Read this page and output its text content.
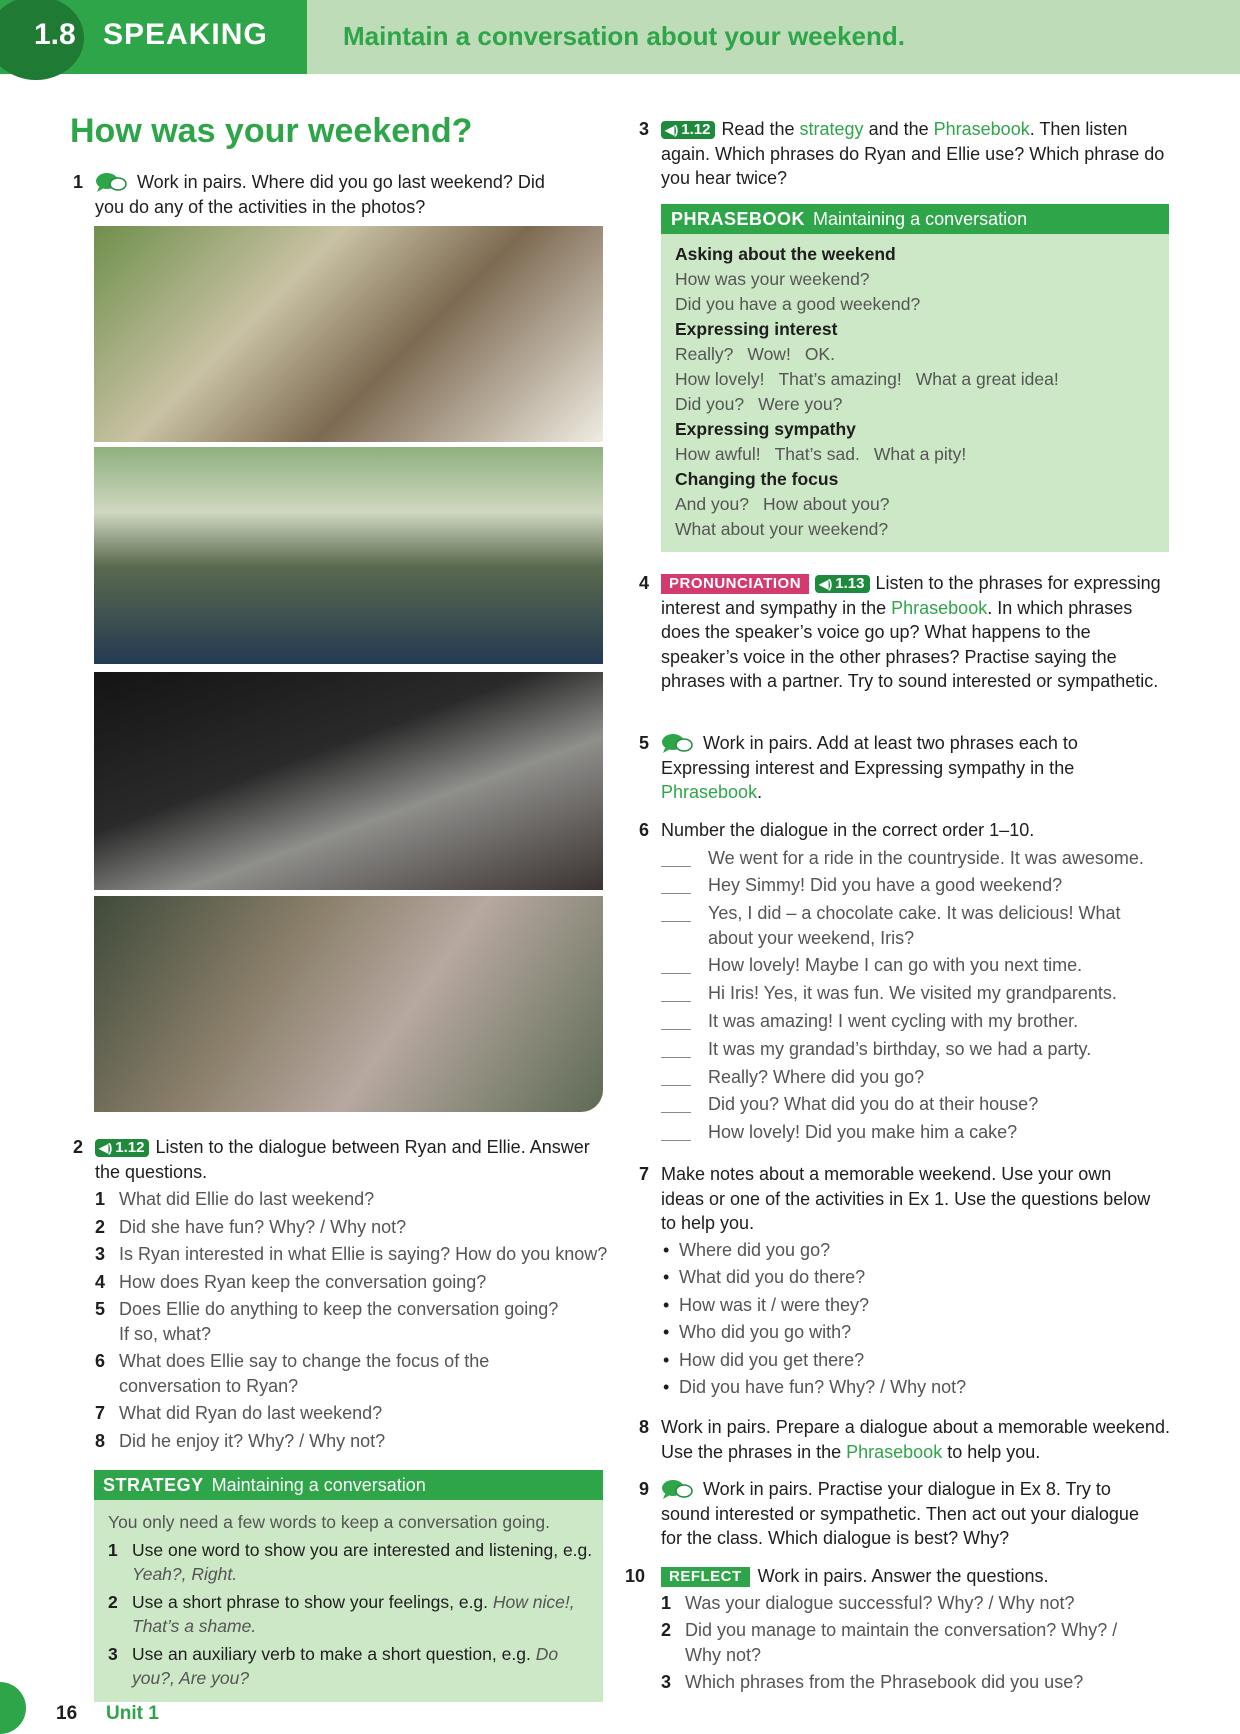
1.8 SPEAKING	Maintain a conversation about your weekend.
How was your weekend?
1	Work in pairs. Where did you go last weekend? Did you do any of the activities in the photos?
2 ◀) 1.12 Listen to the dialogue between Ryan and Ellie. Answer the questions.
1 What did Ellie do last weekend?
2 Did she have fun? Why? / Why not?
3 Is Ryan interested in what Ellie is saying? How do you know?
4 How does Ryan keep the conversation going?
5 Does Ellie do anything to keep the conversation going? If so, what?
6 What does Ellie say to change the focus of the conversation to Ryan?
7 What did Ryan do last weekend?
8 Did he enjoy it? Why? / Why not?
STRATEGY Maintaining a conversation
You only need a few words to keep a conversation going.
1 Use one word to show you are interested and listening, e.g. Yeah?, Right.
2 Use a short phrase to show your feelings, e.g. How nice!, That’s a shame.
3 Use an auxiliary verb to make a short question, e.g. Do you?, Are you?
3 ◀) 1.12 Read the strategy and the Phrasebook. Then listen again. Which phrases do Ryan and Ellie use? Which phrase do you hear twice?
PHRASEBOOK Maintaining a conversation
Asking about the weekend
How was your weekend?
Did you have a good weekend?
Expressing interest
Really? Wow! OK.
How lovely! That’s amazing! What a great idea!
Did you? Were you?
Expressing sympathy
How awful! That’s sad. What a pity!
Changing the focus
And you? How about you?
What about your weekend?
4 PRONUNCIATION ◀) 1.13 Listen to the phrases for expressing interest and sympathy in the Phrasebook. In which phrases does the speaker’s voice go up? What happens to the speaker’s voice in the other phrases? Practise saying the phrases with a partner. Try to sound interested or sympathetic.
5	Work in pairs. Add at least two phrases each to Expressing interest and Expressing sympathy in the Phrasebook.
6 Number the dialogue in the correct order 1–10.
We went for a ride in the countryside. It was awesome.
Hey Simmy! Did you have a good weekend?
Yes, I did – a chocolate cake. It was delicious! What about your weekend, Iris?
How lovely! Maybe I can go with you next time.
Hi Iris! Yes, it was fun. We visited my grandparents.
It was amazing! I went cycling with my brother.
It was my grandad’s birthday, so we had a party.
Really? Where did you go?
Did you? What did you do at their house?
How lovely! Did you make him a cake?
7 Make notes about a memorable weekend. Use your own ideas or one of the activities in Ex 1. Use the questions below to help you.
• Where did you go?
• What did you do there?
• How was it / were they?
• Who did you go with?
• How did you get there?
• Did you have fun? Why? / Why not?
8 Work in pairs. Prepare a dialogue about a memorable weekend. Use the phrases in the Phrasebook to help you.
9	Work in pairs. Practise your dialogue in Ex 8. Try to sound interested or sympathetic. Then act out your dialogue for the class. Which dialogue is best? Why?
10 REFLECT Work in pairs. Answer the questions.
1 Was your dialogue successful? Why? / Why not?
2 Did you manage to maintain the conversation? Why? / Why not?
3 Which phrases from the Phrasebook did you use?
16 Unit 1
